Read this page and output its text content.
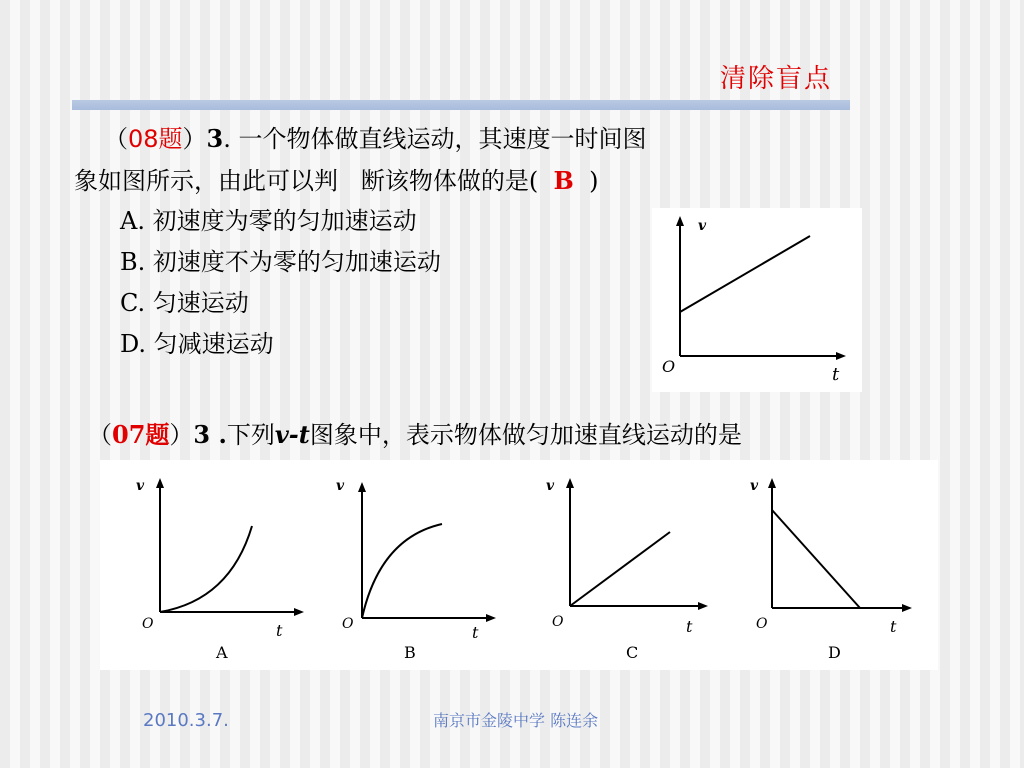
清除盲点
（08题）3. 一个物体做直线运动，其速度一时间图
象如图所示，由此可以判 断该物体做的是( B )
A. 初速度为零的匀加速运动
B. 初速度不为零的匀加速运动
C. 匀速运动
D. 匀减速运动
v
O	t
（07题）3 .下列v-t图象中，表示物体做匀加速直线运动的是
v
O	t
A
v
O	t
B
v
O	t
C
v
O	t
D
2010.3.7.	南京市金陵中学 陈连余
